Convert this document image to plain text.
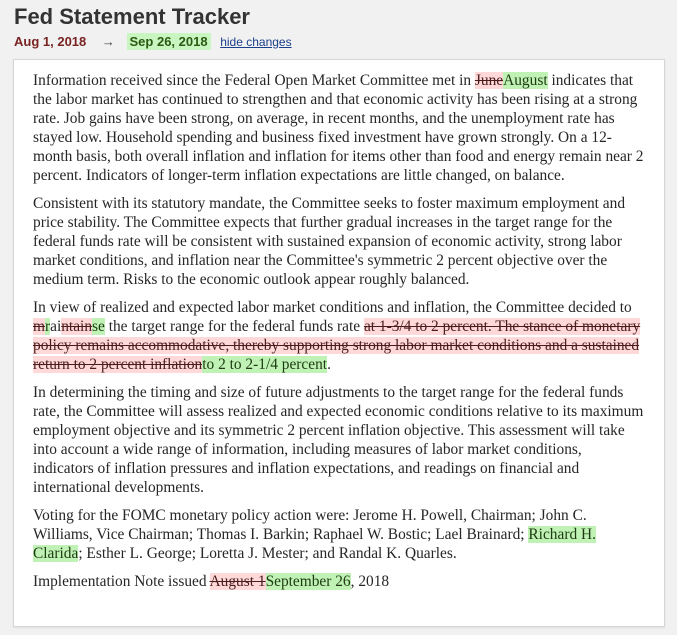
Fed Statement Tracker
Aug 1, 2018 → Sep 26, 2018 hide changes

Information received since the Federal Open Market Committee met in JuneAugust indicates that the labor market has continued to strengthen and that economic activity has been rising at a strong rate. Job gains have been strong, on average, in recent months, and the unemployment rate has stayed low. Household spending and business fixed investment have grown strongly. On a 12-month basis, both overall inflation and inflation for items other than food and energy remain near 2 percent. Indicators of longer-term inflation expectations are little changed, on balance.

Consistent with its statutory mandate, the Committee seeks to foster maximum employment and price stability. The Committee expects that further gradual increases in the target range for the federal funds rate will be consistent with sustained expansion of economic activity, strong labor market conditions, and inflation near the Committee's symmetric 2 percent objective over the medium term. Risks to the economic outlook appear roughly balanced.

In view of realized and expected labor market conditions and inflation, the Committee decided to mraintainse the target range for the federal funds rate at 1-3/4 to 2 percent. The stance of monetary policy remains accommodative, thereby supporting strong labor market conditions and a sustained return to 2 percent inflationto 2 to 2-1/4 percent.

In determining the timing and size of future adjustments to the target range for the federal funds rate, the Committee will assess realized and expected economic conditions relative to its maximum employment objective and its symmetric 2 percent inflation objective. This assessment will take into account a wide range of information, including measures of labor market conditions, indicators of inflation pressures and inflation expectations, and readings on financial and international developments.

Voting for the FOMC monetary policy action were: Jerome H. Powell, Chairman; John C. Williams, Vice Chairman; Thomas I. Barkin; Raphael W. Bostic; Lael Brainard; Richard H. Clarida; Esther L. George; Loretta J. Mester; and Randal K. Quarles.

Implementation Note issued August 1September 26, 2018
